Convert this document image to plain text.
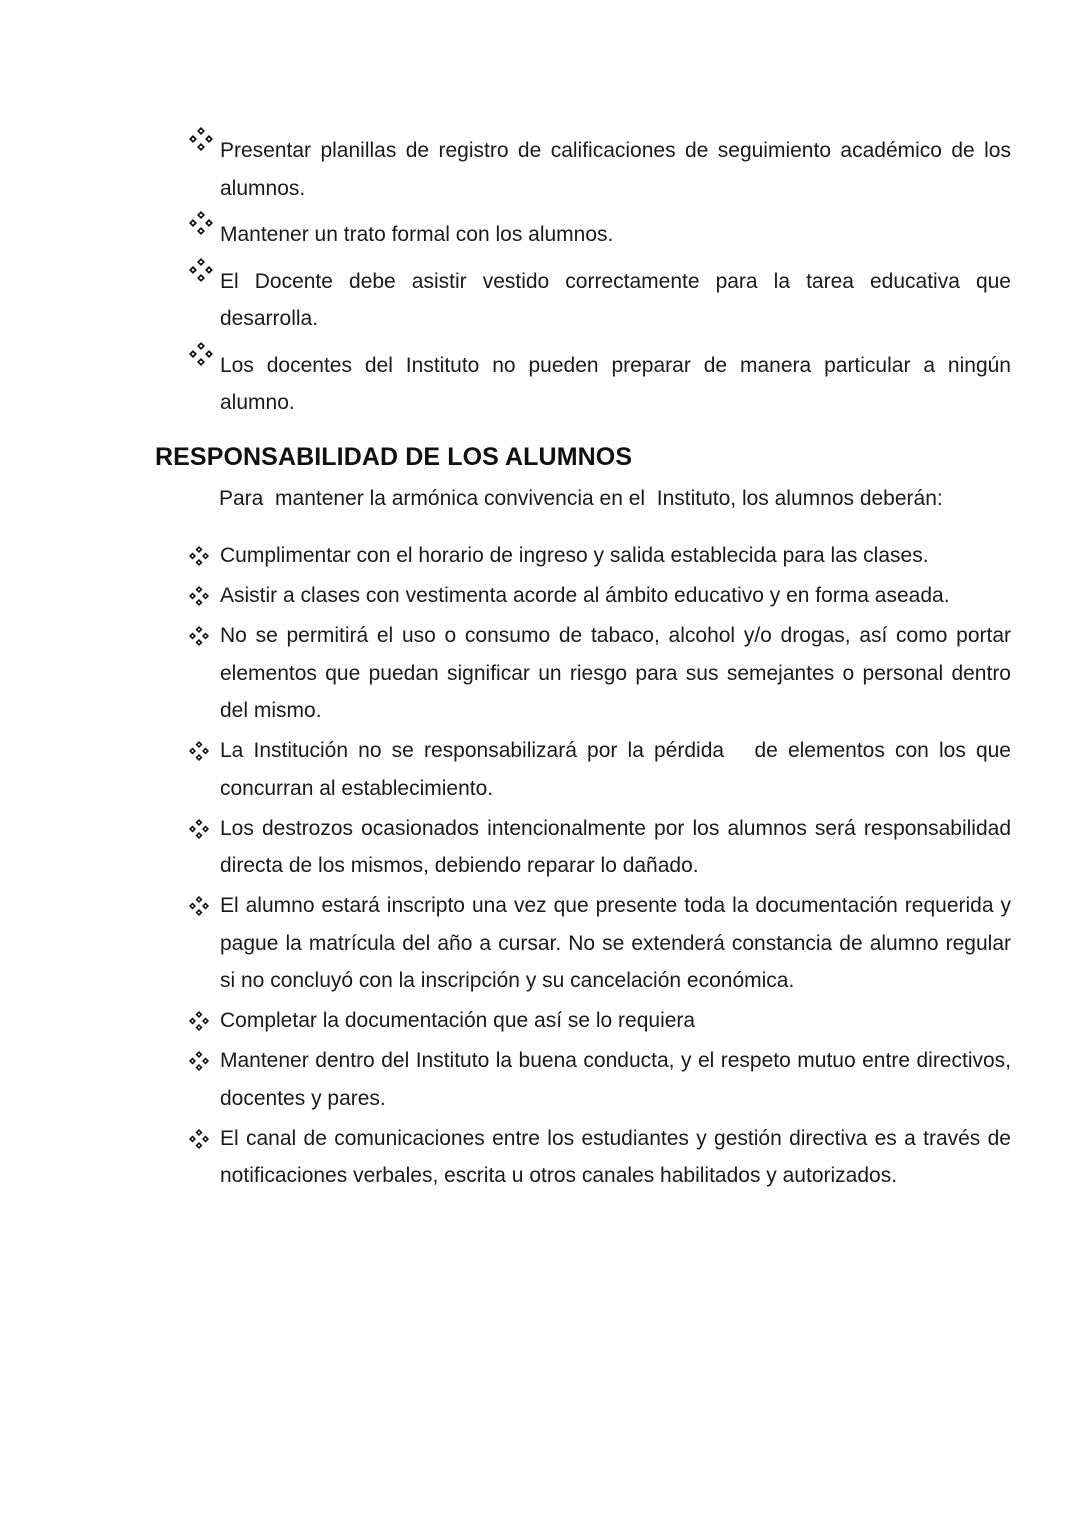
Presentar planillas de registro de calificaciones de seguimiento académico de los alumnos.
Mantener un trato formal con los alumnos.
El Docente debe asistir vestido correctamente para la tarea educativa que desarrolla.
Los docentes del Instituto no pueden preparar de manera particular a ningún alumno.
RESPONSABILIDAD DE LOS ALUMNOS

Para  mantener la armónica convivencia en el  Instituto, los alumnos deberán:

Cumplimentar con el horario de ingreso y salida establecida para las clases.
Asistir a clases con vestimenta acorde al ámbito educativo y en forma aseada.
No se permitirá el uso o consumo de tabaco, alcohol y/o drogas, así como portar elementos que puedan significar un riesgo para sus semejantes o personal dentro del mismo.
La Institución no se responsabilizará por la pérdida   de elementos con los que concurran al establecimiento.
Los destrozos ocasionados intencionalmente por los alumnos será responsabilidad directa de los mismos, debiendo reparar lo dañado.
El alumno estará inscripto una vez que presente toda la documentación requerida y pague la matrícula del año a cursar. No se extenderá constancia de alumno regular si no concluyó con la inscripción y su cancelación económica.
Completar la documentación que así se lo requiera
Mantener dentro del Instituto la buena conducta, y el respeto mutuo entre directivos, docentes y pares.
El canal de comunicaciones entre los estudiantes y gestión directiva es a través de notificaciones verbales, escrita u otros canales habilitados y autorizados.
